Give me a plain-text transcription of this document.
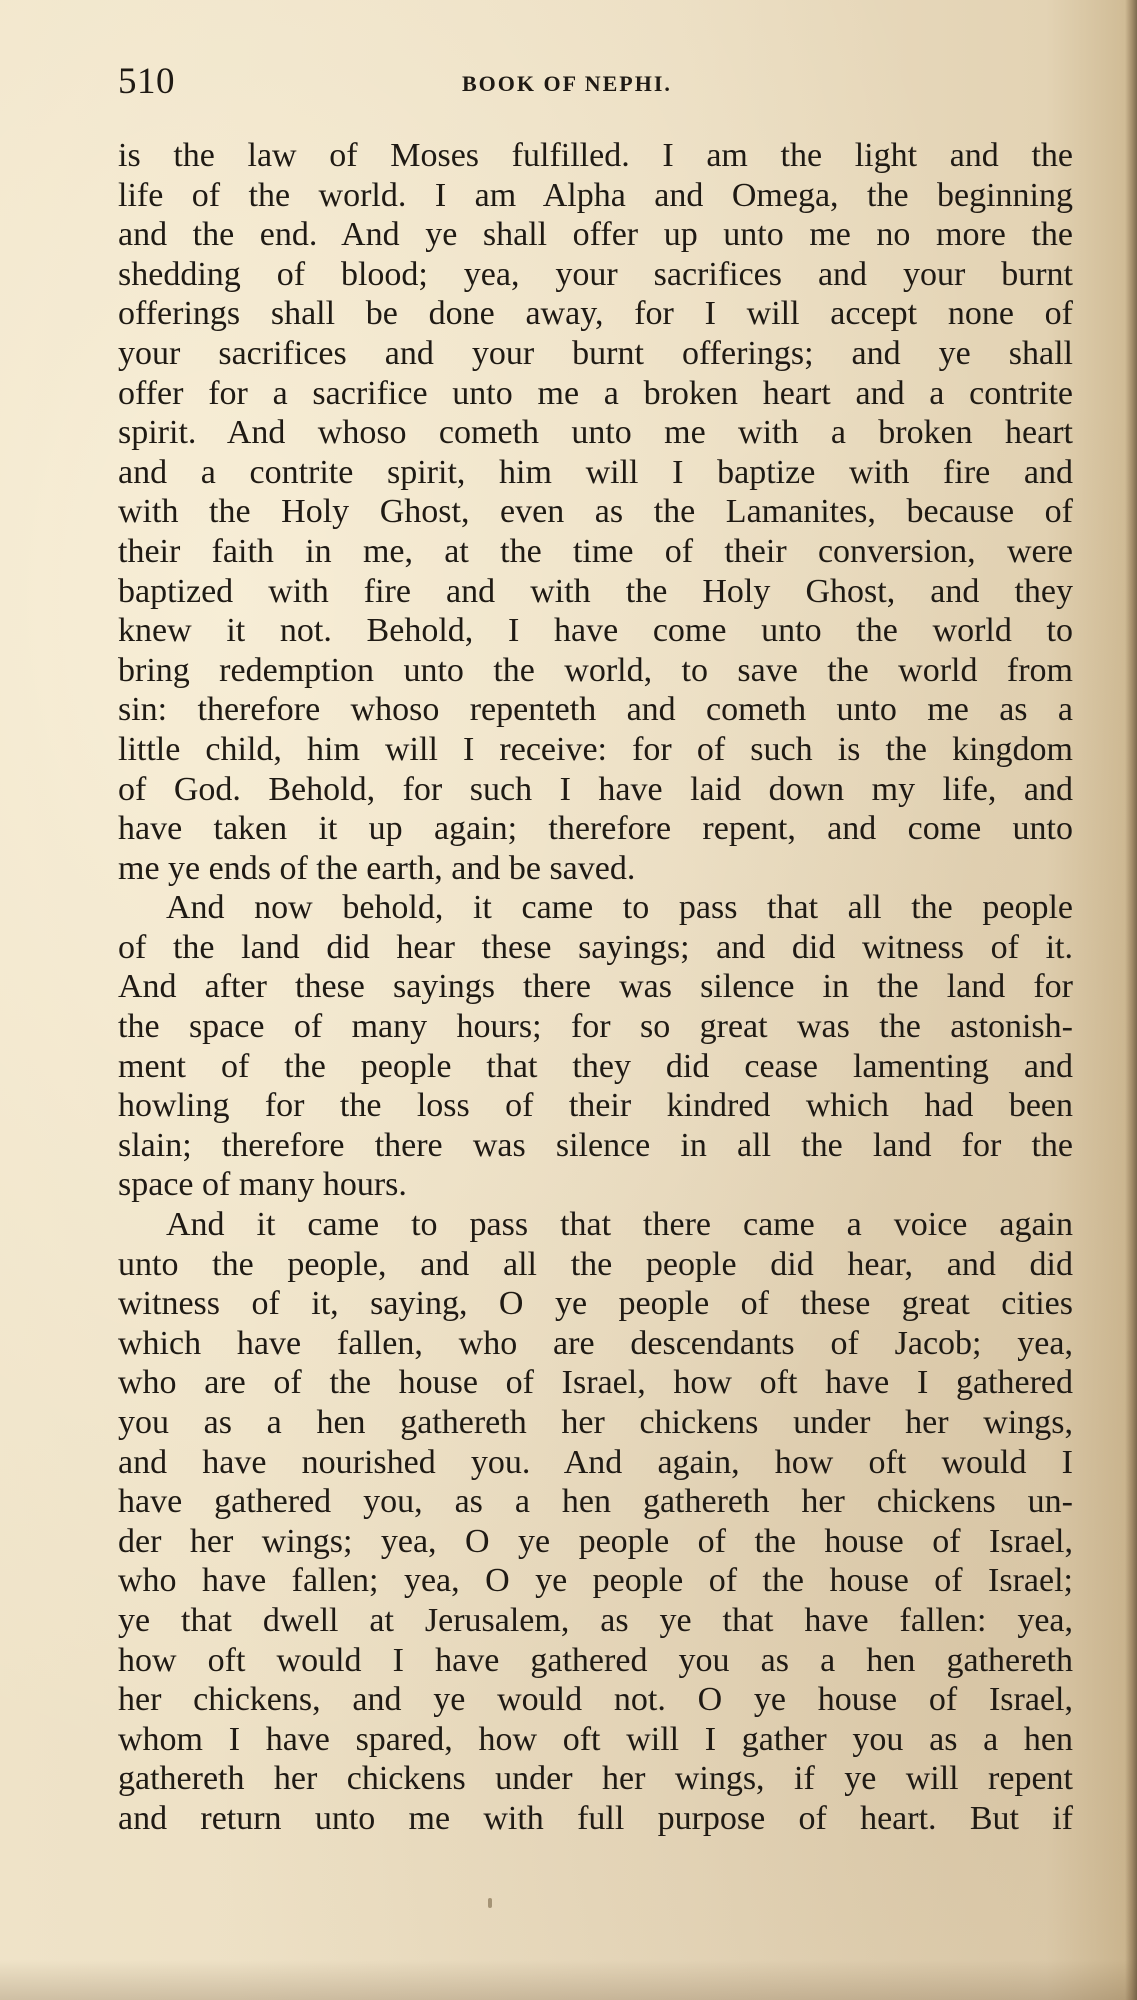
510	BOOK OF NEPHI.
is the law of Moses fulfilled. I am the light and the
life of the world. I am Alpha and Omega, the beginning
and the end. And ye shall offer up unto me no more the
shedding of blood; yea, your sacrifices and your burnt
offerings shall be done away, for I will accept none of
your sacrifices and your burnt offerings; and ye shall
offer for a sacrifice unto me a broken heart and a contrite
spirit. And whoso cometh unto me with a broken heart
and a contrite spirit, him will I baptize with fire and
with the Holy Ghost, even as the Lamanites, because of
their faith in me, at the time of their conversion, were
baptized with fire and with the Holy Ghost, and they
knew it not. Behold, I have come unto the world to
bring redemption unto the world, to save the world from
sin: therefore whoso repenteth and cometh unto me as a
little child, him will I receive: for of such is the kingdom
of God. Behold, for such I have laid down my life, and
have taken it up again; therefore repent, and come unto
me ye ends of the earth, and be saved.
And now behold, it came to pass that all the people
of the land did hear these sayings; and did witness of it.
And after these sayings there was silence in the land for
the space of many hours; for so great was the astonish-
ment of the people that they did cease lamenting and
howling for the loss of their kindred which had been
slain; therefore there was silence in all the land for the
space of many hours.
And it came to pass that there came a voice again
unto the people, and all the people did hear, and did
witness of it, saying, O ye people of these great cities
which have fallen, who are descendants of Jacob; yea,
who are of the house of Israel, how oft have I gathered
you as a hen gathereth her chickens under her wings,
and have nourished you. And again, how oft would I
have gathered you, as a hen gathereth her chickens un-
der her wings; yea, O ye people of the house of Israel,
who have fallen; yea, O ye people of the house of Israel;
ye that dwell at Jerusalem, as ye that have fallen: yea,
how oft would I have gathered you as a hen gathereth
her chickens, and ye would not. O ye house of Israel,
whom I have spared, how oft will I gather you as a hen
gathereth her chickens under her wings, if ye will repent
and return unto me with full purpose of heart. But if
